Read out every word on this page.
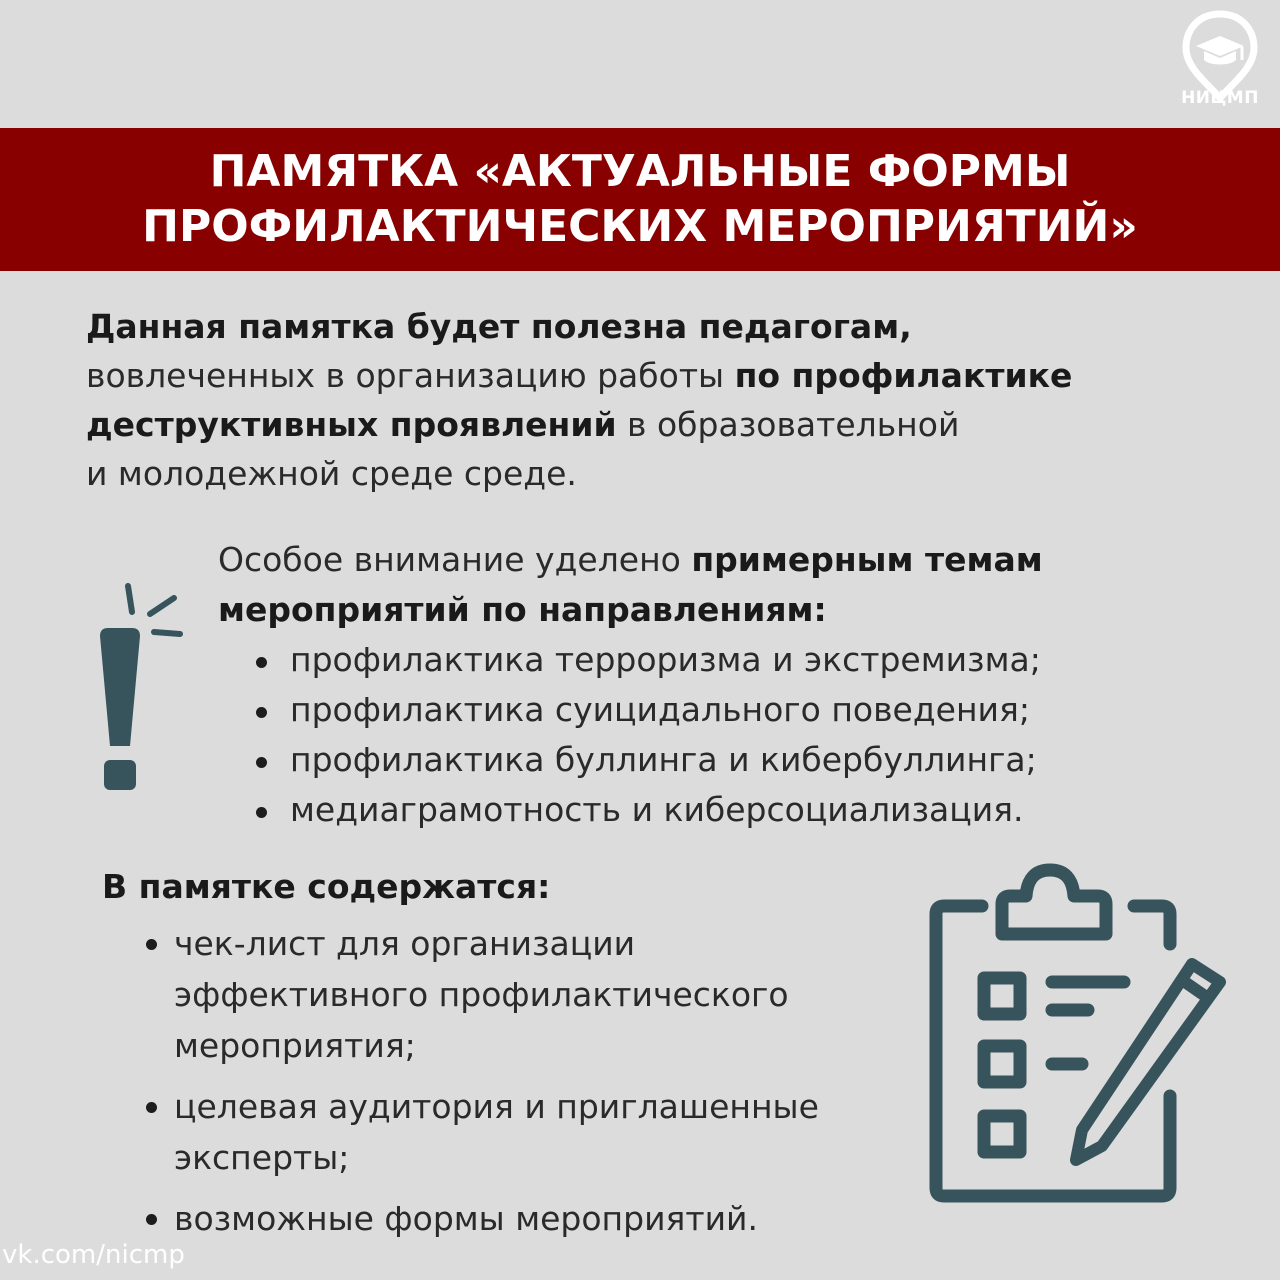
НИЦМП
ПАМЯТКА «АКТУАЛЬНЫЕ ФОРМЫ
ПРОФИЛАКТИЧЕСКИХ МЕРОПРИЯТИЙ»
Данная памятка будет полезна педагогам,
вовлеченных в организацию работы по профилактике
деструктивных проявлений в образовательной
и молодежной среде среде.
Особое внимание уделено примерным темам
мероприятий по направлениям:
профилактика терроризма и экстремизма;
профилактика суицидального поведения;
профилактика буллинга и кибербуллинга;
медиаграмотность и киберсоциализация.
В памятке содержатся:
чек-лист для организации
эффективного профилактического
мероприятия;
целевая аудитория и приглашенные
эксперты;
возможные формы мероприятий.
vk.com/nicmp
